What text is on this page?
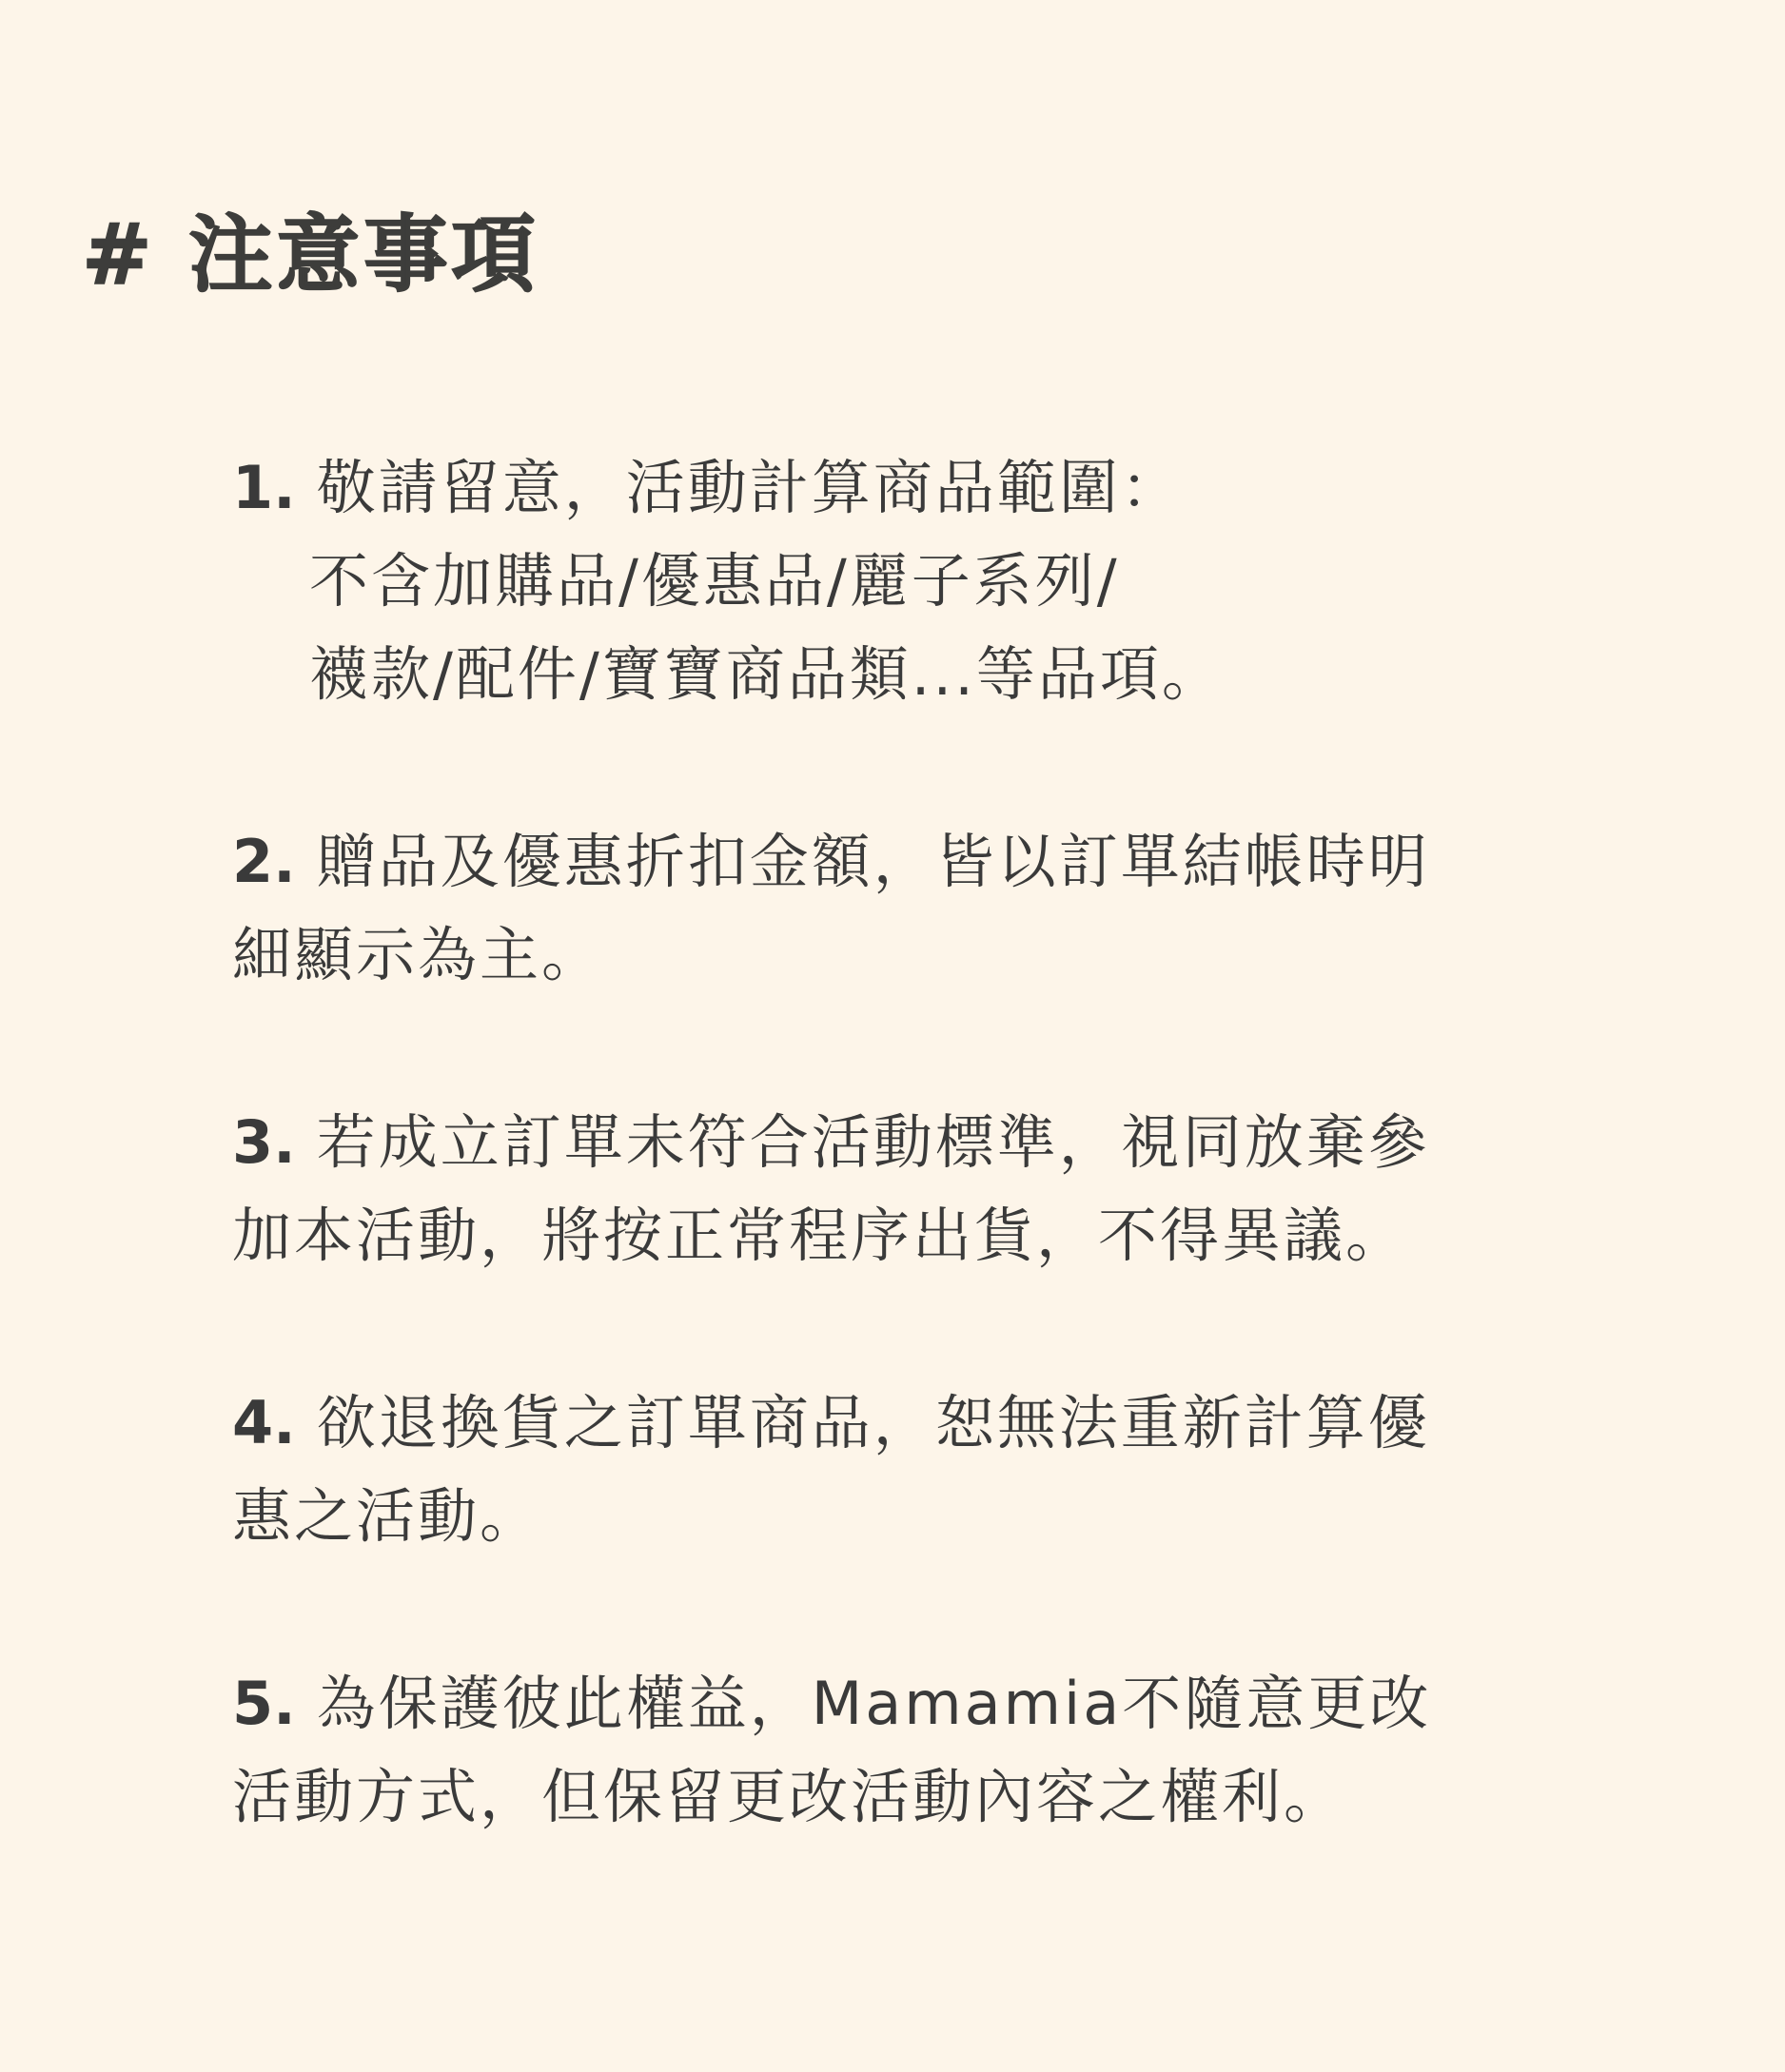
# 注意事項
1. 敬請留意，活動計算商品範圍：
不含加購品/優惠品/麗子系列/
襪款/配件/寶寶商品類...等品項。
2. 贈品及優惠折扣金額，皆以訂單結帳時明
細顯示為主。
3. 若成立訂單未符合活動標準，視同放棄參
加本活動，將按正常程序出貨，不得異議。
4. 欲退換貨之訂單商品，恕無法重新計算優
惠之活動。
5. 為保護彼此權益，Mamamia不隨意更改
活動方式，但保留更改活動內容之權利。
